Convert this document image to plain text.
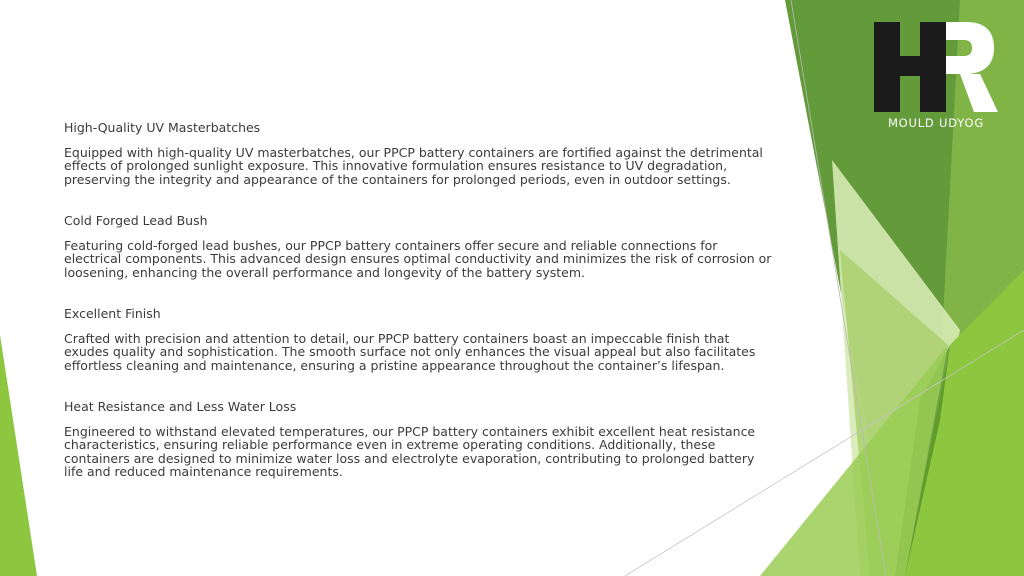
MOULD UDYOG

High-Quality UV Masterbatches

Equipped with high-quality UV masterbatches, our PPCP battery containers are fortified against the detrimental effects of prolonged sunlight exposure. This innovative formulation ensures resistance to UV degradation, preserving the integrity and appearance of the containers for prolonged periods, even in outdoor settings.

Cold Forged Lead Bush

Featuring cold-forged lead bushes, our PPCP battery containers offer secure and reliable connections for electrical components. This advanced design ensures optimal conductivity and minimizes the risk of corrosion or loosening, enhancing the overall performance and longevity of the battery system.

Excellent Finish

Crafted with precision and attention to detail, our PPCP battery containers boast an impeccable finish that exudes quality and sophistication. The smooth surface not only enhances the visual appeal but also facilitates effortless cleaning and maintenance, ensuring a pristine appearance throughout the container’s lifespan.

Heat Resistance and Less Water Loss

Engineered to withstand elevated temperatures, our PPCP battery containers exhibit excellent heat resistance characteristics, ensuring reliable performance even in extreme operating conditions. Additionally, these containers are designed to minimize water loss and electrolyte evaporation, contributing to prolonged battery life and reduced maintenance requirements.
